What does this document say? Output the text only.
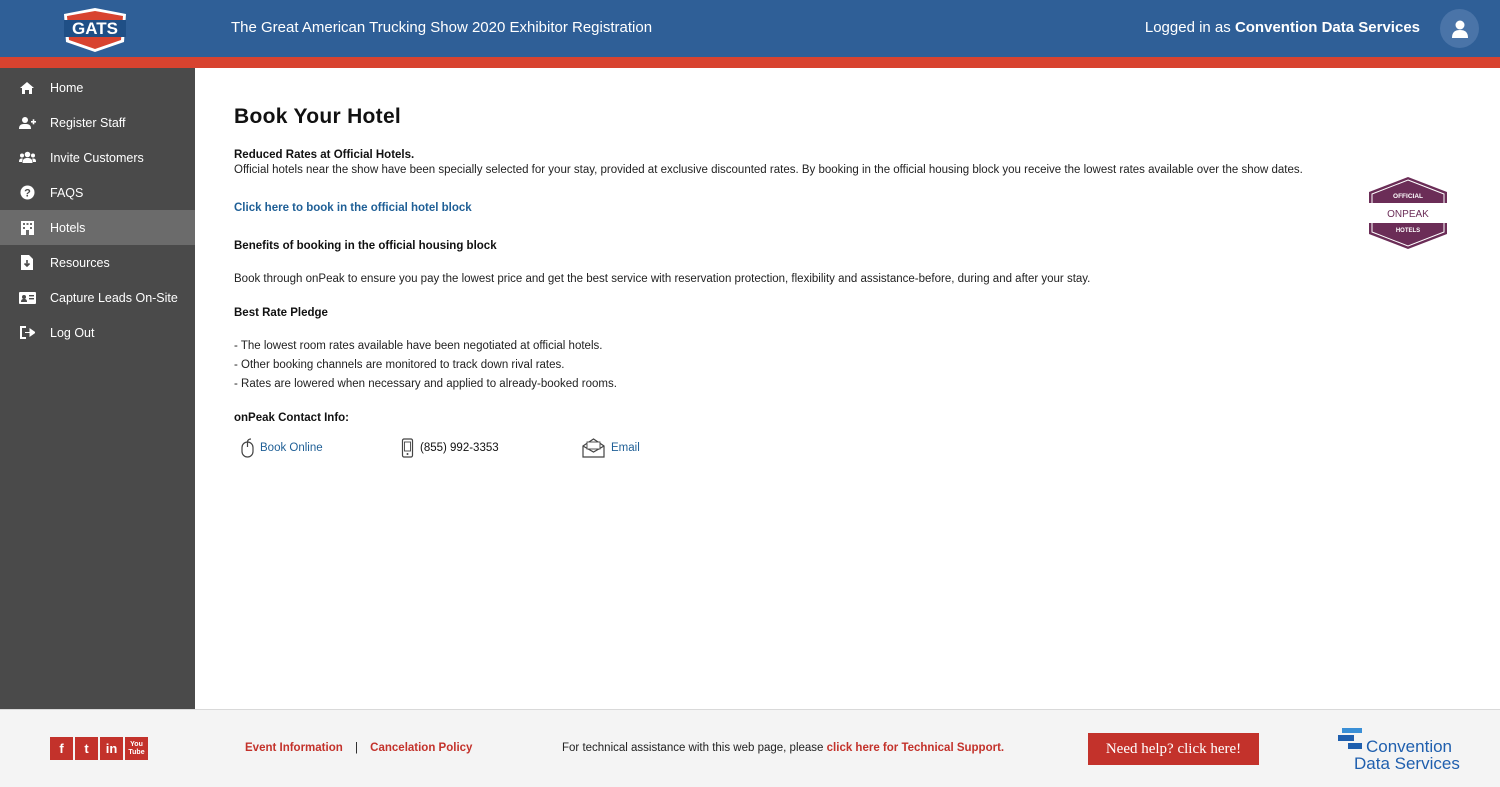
GATS	The Great American Trucking Show 2020 Exhibitor Registration	Logged in as Convention Data Services
Home
Register Staff
Invite Customers
? FAQS
Hotels
Resources
Capture Leads On-Site
Log Out
Book Your Hotel
Reduced Rates at Official Hotels.
Official hotels near the show have been specially selected for your stay, provided at exclusive discounted rates. By booking in the official housing block you receive the lowest rates available over the show dates.
Click here to book in the official hotel block
Benefits of booking in the official housing block
Book through onPeak to ensure you pay the lowest price and get the best service with reservation protection, flexibility and assistance-before, during and after your stay.
Best Rate Pledge
- The lowest room rates available have been negotiated at official hotels.
- Other booking channels are monitored to track down rival rates.
- Rates are lowered when necessary and applied to already-booked rooms.
onPeak Contact Info:
Book Online	(855) 992-3353	Email
OFFICIAL
ONPEAK
HOTELS
f	t	in	You Tube	Event Information | Cancelation Policy	For technical assistance with this web page, please click here for Technical Support.	Need help? click here!	Convention
Data Services
